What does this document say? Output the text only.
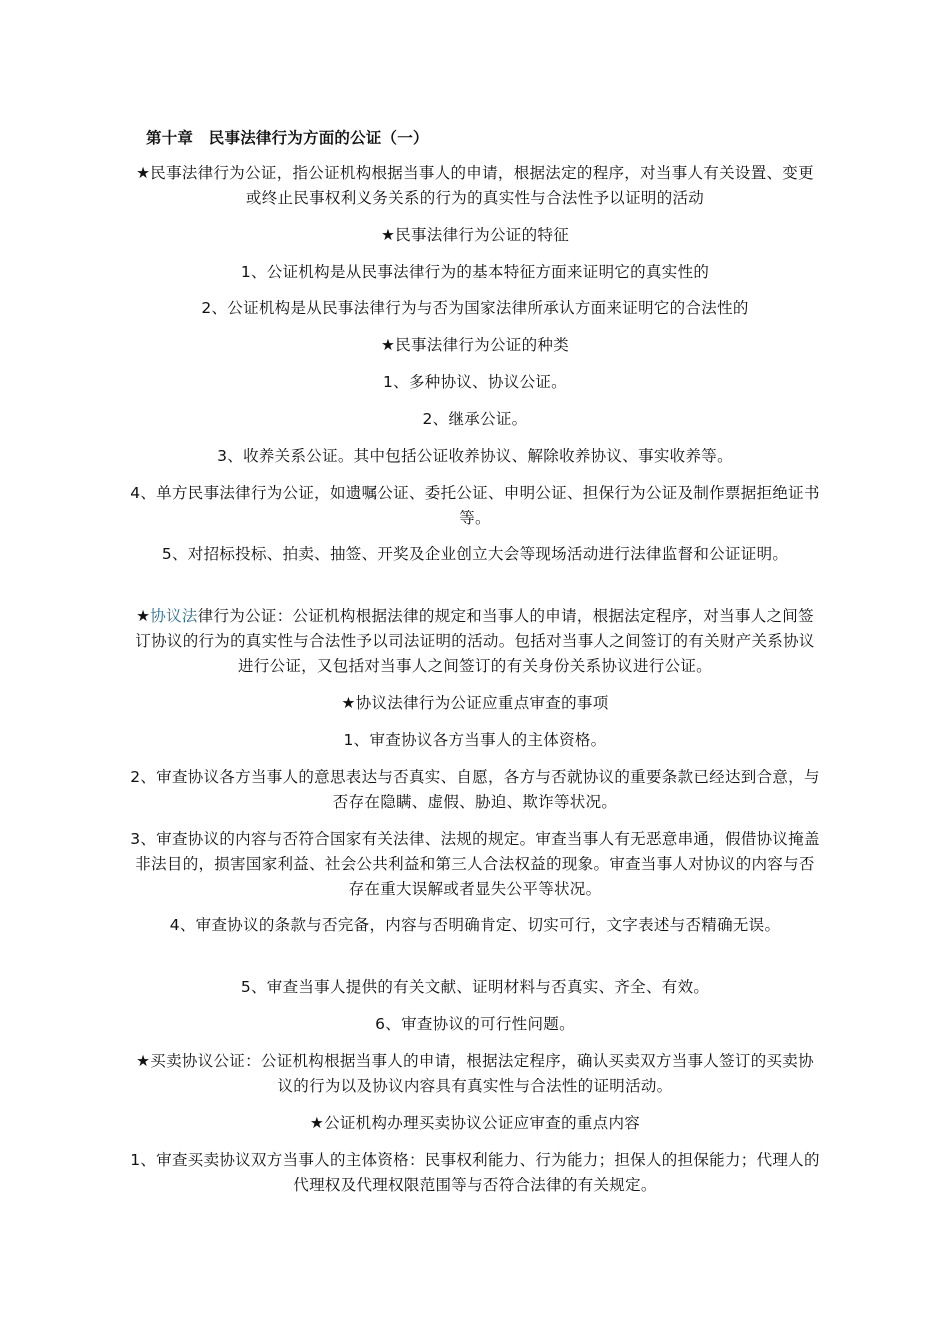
第十章　民事法律行为方面的公证（一）
★民事法律行为公证，指公证机构根据当事人的申请，根据法定的程序，对当事人有关设置、变更或终止民事权利义务关系的行为的真实性与合法性予以证明的活动
★民事法律行为公证的特征
1、公证机构是从民事法律行为的基本特征方面来证明它的真实性的
2、公证机构是从民事法律行为与否为国家法律所承认方面来证明它的合法性的
★民事法律行为公证的种类
1、多种协议、协议公证。
2、继承公证。
3、收养关系公证。其中包括公证收养协议、解除收养协议、事实收养等。
4、单方民事法律行为公证，如遗嘱公证、委托公证、申明公证、担保行为公证及制作票据拒绝证书等。
5、对招标投标、拍卖、抽签、开奖及企业创立大会等现场活动进行法律监督和公证证明。
★协议法律行为公证：公证机构根据法律的规定和当事人的申请，根据法定程序，对当事人之间签订协议的行为的真实性与合法性予以司法证明的活动。包括对当事人之间签订的有关财产关系协议进行公证，又包括对当事人之间签订的有关身份关系协议进行公证。
★协议法律行为公证应重点审查的事项
1、审查协议各方当事人的主体资格。
2、审查协议各方当事人的意思表达与否真实、自愿，各方与否就协议的重要条款已经达到合意，与否存在隐瞒、虚假、胁迫、欺诈等状况。
3、审查协议的内容与否符合国家有关法律、法规的规定。审查当事人有无恶意串通，假借协议掩盖非法目的，损害国家利益、社会公共利益和第三人合法权益的现象。审查当事人对协议的内容与否存在重大误解或者显失公平等状况。
4、审查协议的条款与否完备，内容与否明确肯定、切实可行，文字表述与否精确无误。
5、审查当事人提供的有关文献、证明材料与否真实、齐全、有效。
6、审查协议的可行性问题。
★买卖协议公证：公证机构根据当事人的申请，根据法定程序，确认买卖双方当事人签订的买卖协议的行为以及协议内容具有真实性与合法性的证明活动。
★公证机构办理买卖协议公证应审查的重点内容
1、审查买卖协议双方当事人的主体资格：民事权利能力、行为能力；担保人的担保能力；代理人的代理权及代理权限范围等与否符合法律的有关规定。
